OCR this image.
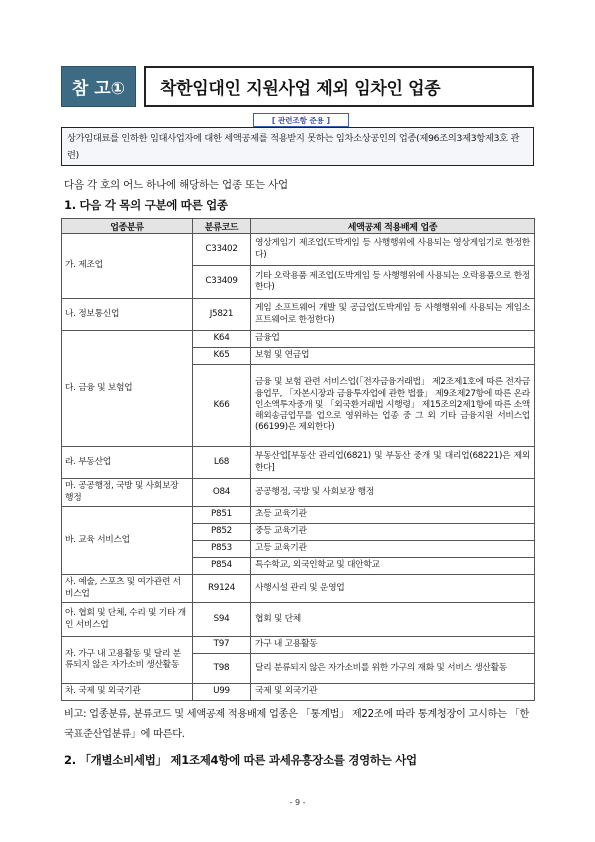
참 고①	착한임대인 지원사업 제외 임차인 업종
[ 관련조항 준용 ]
상가임대료를 인하한 임대사업자에 대한 세액공제를 적용받지 못하는 임차소상공인의 업종(제96조의3제3항제3호 관련)
다음 각 호의 어느 하나에 해당하는 업종 또는 사업
1. 다음 각 목의 구분에 따른 업종
업종분류	분류코드	세액공제 적용배제 업종
가. 제조업	C33402	영상게임기 제조업(도박게임 등 사행행위에 사용되는 영상게임기로 한정한다)
	C33409	기타 오락용품 제조업(도박게임 등 사행행위에 사용되는 오락용품으로 한정한다)
나. 정보통신업	J5821	게임 소프트웨어 개발 및 공급업(도박게임 등 사행행위에 사용되는 게임소프트웨어로 한정한다)
다. 금융 및 보험업	K64	금융업
	K65	보험 및 연금업
	K66	금융 및 보험 관련 서비스업(「전자금융거래법」 제2조제1호에 따른 전자금융업무, 「자본시장과 금융투자업에 관한 법률」 제9조제27항에 따른 온라인소액투자중개 및 「외국환거래법 시행령」 제15조의2제1항에 따른 소액해외송금업무를 업으로 영위하는 업종 중 그 외 기타 금융지원 서비스업(66199)은 제외한다)
라. 부동산업	L68	부동산업[부동산 관리업(6821) 및 부동산 중개 및 대리업(68221)은 제외한다]
마. 공공행정, 국방 및 사회보장 행정	O84	공공행정, 국방 및 사회보장 행정
바. 교육 서비스업	P851	초등 교육기관
	P852	중등 교육기관
	P853	고등 교육기관
	P854	특수학교, 외국인학교 및 대안학교
사. 예술, 스포츠 및 여가관련 서비스업	R9124	사행시설 관리 및 운영업
아. 협회 및 단체, 수리 및 기타 개인 서비스업	S94	협회 및 단체
자. 가구 내 고용활동 및 달리 분류되지 않은 자가소비 생산활동	T97	가구 내 고용활동
	T98	달리 분류되지 않은 자가소비를 위한 가구의 재화 및 서비스 생산활동
차. 국제 및 외국기관	U99	국제 및 외국기관
비고: 업종분류, 분류코드 및 세액공제 적용배제 업종은 「통계법」 제22조에 따라 통계청장이 고시하는 「한국표준산업분류」에 따른다.
2. 「개별소비세법」 제1조제4항에 따른 과세유흥장소를 경영하는 사업
- 9 -
